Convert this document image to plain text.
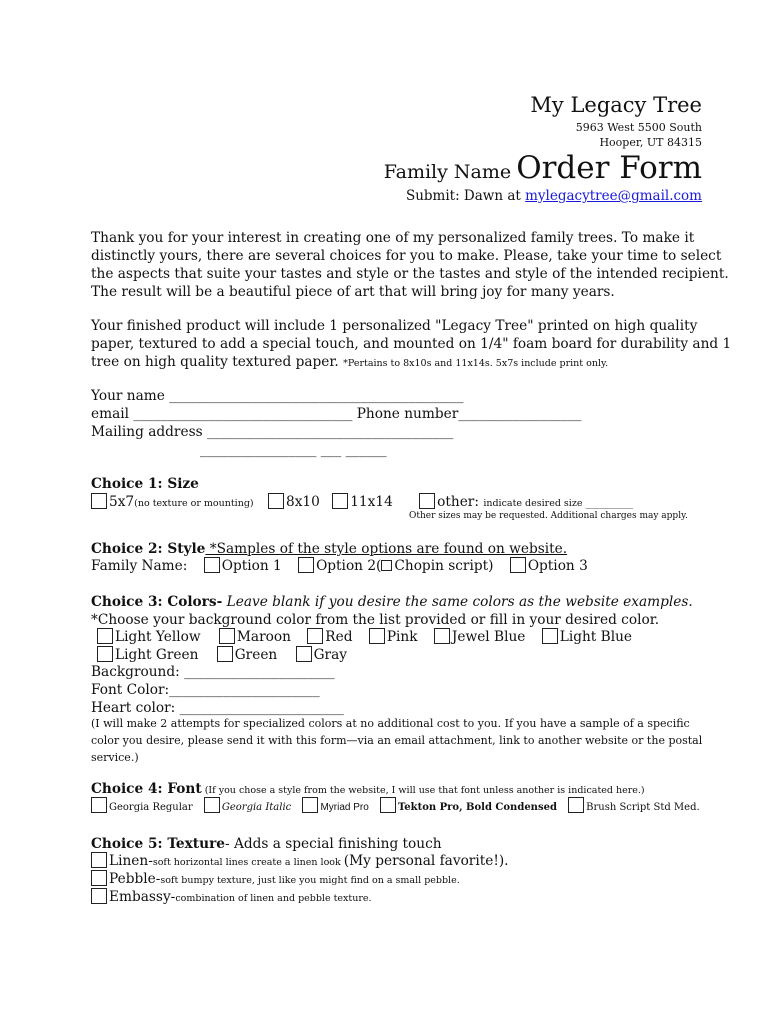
My Legacy Tree
5963 West 5500 South
Hooper, UT 84315
Family Name Order Form
Submit: Dawn at mylegacytree@gmail.com
Thank you for your interest in creating one of my personalized family trees. To make it
distinctly yours, there are several choices for you to make. Please, take your time to select
the aspects that suite your tastes and style or the tastes and style of the intended recipient.
The result will be a beautiful piece of art that will bring joy for many years.
Your finished product will include 1 personalized "Legacy Tree" printed on high quality
paper, textured to add a special touch, and mounted on 1/4" foam board for durability and 1
tree on high quality textured paper. *Pertains to 8x10s and 11x14s. 5x7s include print only.
Your name ___________________________________________
email ________________________________ Phone number__________________
Mailing address ____________________________________
_________________ ___ ______
Choice 1: Size
5x7(no texture or mounting) 8x10 11x14	other: indicate desired size __________
Other sizes may be requested. Additional charges may apply.
Choice 2: Style *Samples of the style options are found on website.
Family Name:	Option 1	Option 2( Chopin script)	Option 3
Choice 3: Colors- Leave blank if you desire the same colors as the website examples.
*Choose your background color from the list provided or fill in your desired color.
Light Yellow	Maroon	Red	Pink	Jewel Blue	Light Blue
Light Green	Green	Gray
Background: ______________________
Font Color:______________________
Heart color: ________________________
(I will make 2 attempts for specialized colors at no additional cost to you. If you have a sample of a specific
color you desire, please send it with this form—via an email attachment, link to another website or the postal
service.)
Choice 4: Font (If you chose a style from the website, I will use that font unless another is indicated here.)
Georgia Regular	Georgia Italic	Myriad Pro	Tekton Pro, Bold Condensed	Brush Script Std Med.
Choice 5: Texture- Adds a special finishing touch
Linen-soft horizontal lines create a linen look (My personal favorite!).
Pebble-soft bumpy texture, just like you might find on a small pebble.
Embassy-combination of linen and pebble texture.
